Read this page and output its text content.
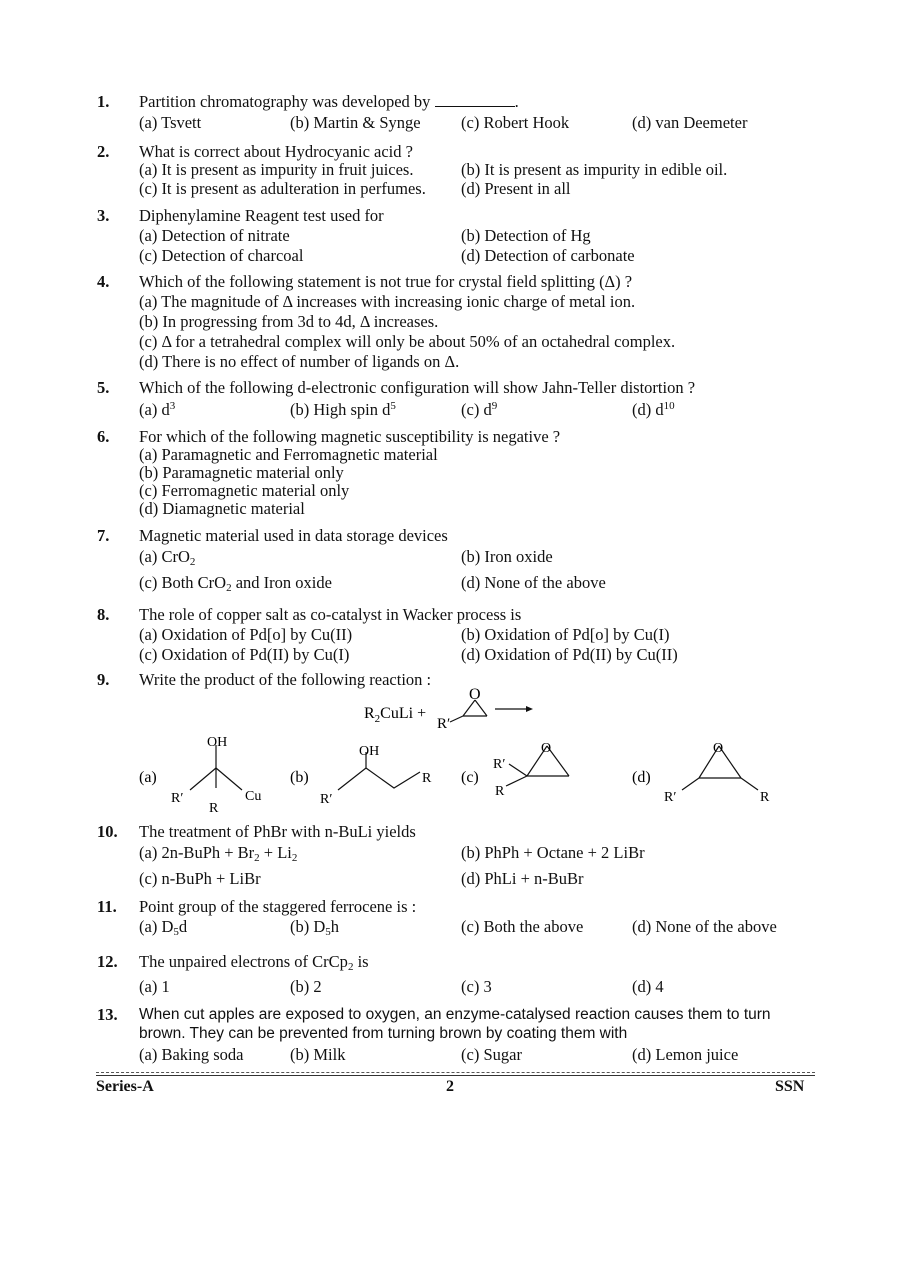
1. Partition chromatography was developed by	.
(a) Tsvett	(b) Martin & Synge (c) Robert Hook	(d) van Deemeter
2. What is correct about Hydrocyanic acid ?
(a) It is present as impurity in fruit juices.	(b) It is present as impurity in edible oil.
(c) It is present as adulteration in perfumes. (d) Present in all
3. Diphenylamine Reagent test used for
(a) Detection of nitrate	(b) Detection of Hg
(c) Detection of charcoal	(d) Detection of carbonate
4. Which of the following statement is not true for crystal field splitting (Δ) ?
(a) The magnitude of Δ increases with increasing ionic charge of metal ion.
(b) In progressing from 3d to 4d, Δ increases.
(c) Δ for a tetrahedral complex will only be about 50% of an octahedral complex.
(d) There is no effect of number of ligands on Δ.
5. Which of the following d-electronic configuration will show Jahn-Teller distortion ?
(a) $d^3$	(b) High spin $d^5$	(c) $d^9$	(d) $d^{10}$
6. For which of the following magnetic susceptibility is negative ?
(a) Paramagnetic and Ferromagnetic material
(b) Paramagnetic material only
(c) Ferromagnetic material only
(d) Diamagnetic material
7. Magnetic material used in data storage devices
(a) CrO$_2$	(b) Iron oxide
(c) Both CrO$_2$ and Iron oxide	(d) None of the above
8. The role of copper salt as co-catalyst in Wacker process is
(a) Oxidation of Pd[o] by Cu(II)	(b) Oxidation of Pd[o] by Cu(I)
(c) Oxidation of Pd(II) by Cu(I)	(d) Oxidation of Pd(II) by Cu(II)
9. Write the product of the following reaction :
$R_2CuLi$ +
O
R′
(a)
OH
R′	Cu
R
(b)
OH
R′
R (c)
O
R′
R
(d)
O
R′	R
10. The treatment of PhBr with n-BuLi yields
(a) 2n-BuPh + $Br_2 + Li_2$	(b) PhPh + Octane + 2 LiBr
(c) n-BuPh + LiBr	(d) PhLi + n-BuBr
11. Point group of the staggered ferrocene is :
(a) $D_5d$	(b) $D_5h$	(c) Both the above	(d) None of the above
12. The unpaired electrons of CrCp$_2$ is
(a) 1	(b) 2	(c) 3	(d) 4
13. When cut apples are exposed to oxygen, an enzyme-catalysed reaction causes them to turn
brown. They can be prevented from turning brown by coating them with
(a) Baking soda	(b) Milk	(c) Sugar	(d) Lemon juice
Series-A	2	SSN
